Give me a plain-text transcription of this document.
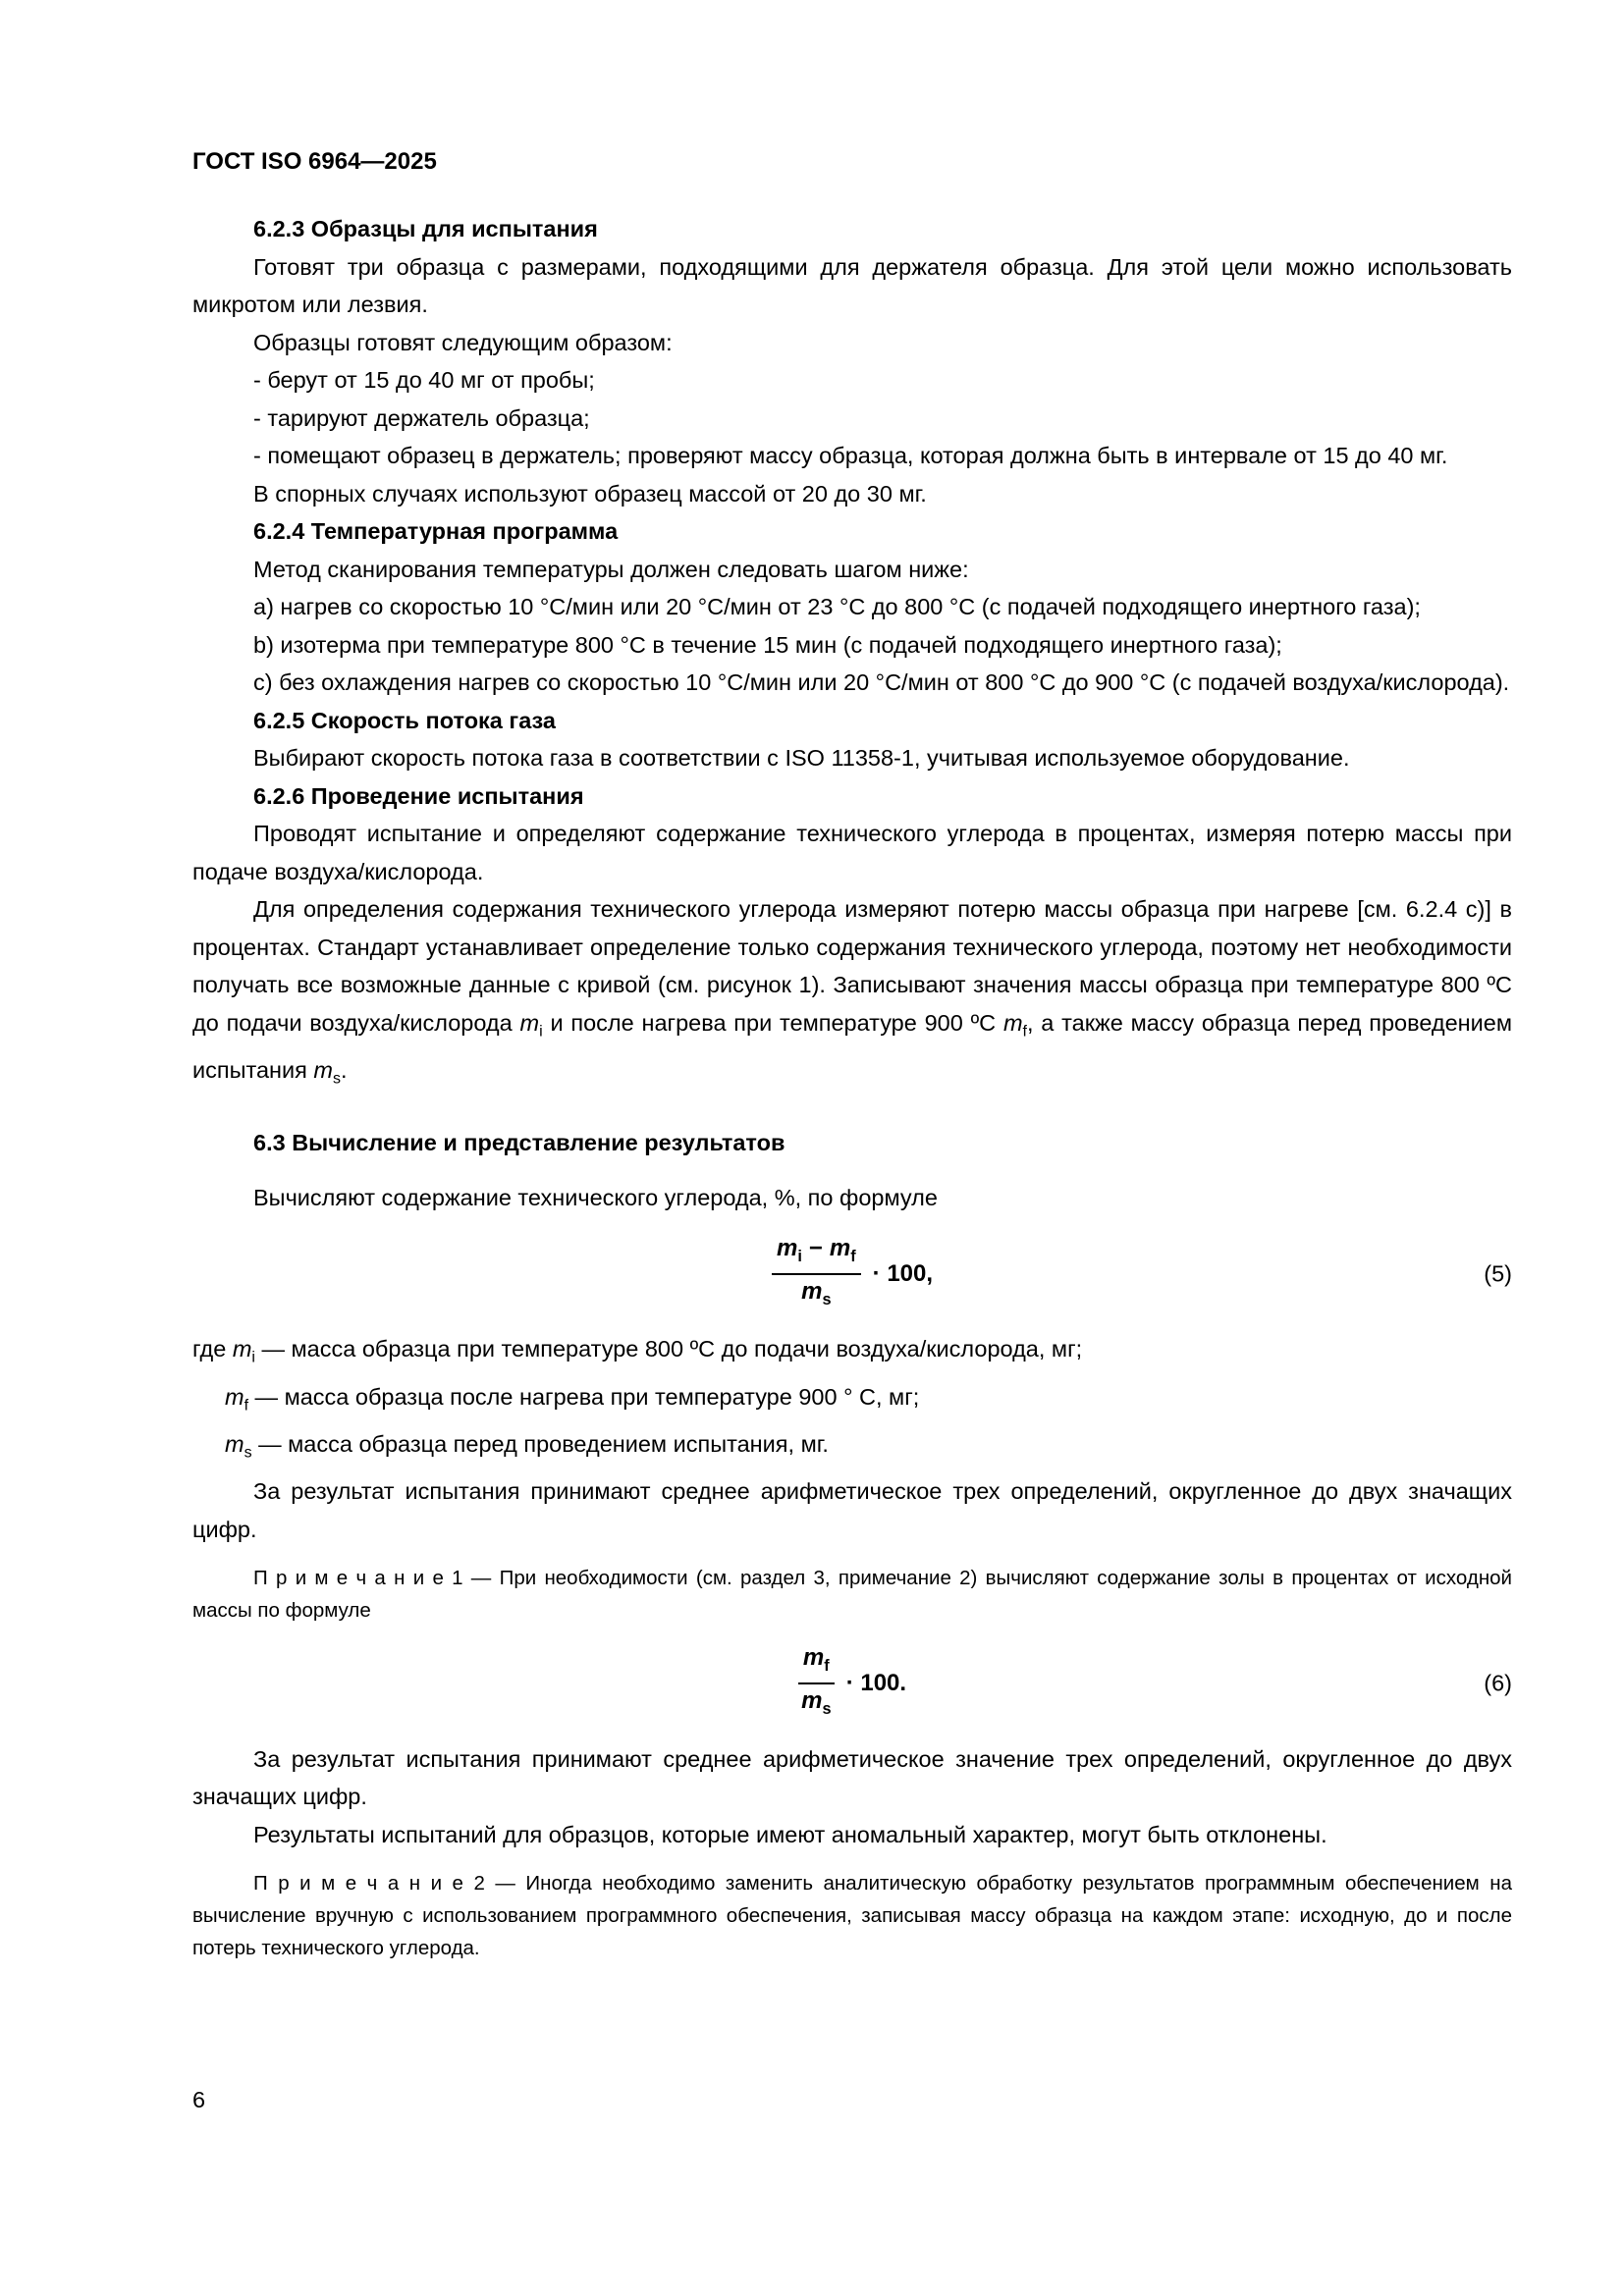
ГОСТ ISO 6964—2025

6.2.3 Образцы для испытания

Готовят три образца с размерами, подходящими для держателя образца. Для этой цели можно использовать микротом или лезвия.

Образцы готовят следующим образом:

- берут от 15 до 40 мг от пробы;

- тарируют держатель образца;

- помещают образец в держатель; проверяют массу образца, которая должна быть в интервале от 15 до 40 мг.

В спорных случаях используют образец массой от 20 до 30 мг.

6.2.4 Температурная программа

Метод сканирования температуры должен следовать шагом ниже:

a) нагрев со скоростью 10 °С/мин или 20 °С/мин от 23 °С до 800 °С (с подачей подходящего инертного газа);

b) изотерма при температуре 800 °С в течение 15 мин (с подачей подходящего инертного газа);

c) без охлаждения нагрев со скоростью 10 °С/мин или 20 °С/мин от 800 °С до 900 °С (с подачей воздуха/кислорода).

6.2.5 Скорость потока газа

Выбирают скорость потока газа в соответствии с ISO 11358-1, учитывая используемое оборудование.

6.2.6 Проведение испытания

Проводят испытание и определяют содержание технического углерода в процентах, измеряя потерю массы при подаче воздуха/кислорода.

Для определения содержания технического углерода измеряют потерю массы образца при нагреве [см. 6.2.4 c)] в процентах. Стандарт устанавливает определение только содержания технического углерода, поэтому нет необходимости получать все возможные данные с кривой (см. рисунок 1). Записывают значения массы образца при температуре 800 ºС до подачи воздуха/кислорода $m_i$ и после нагрева при температуре 900 ºС $m_f$, а также массу образца перед проведением испытания $m_s$.

6.3 Вычисление и представление результатов

Вычисляют содержание технического углерода, %, по формуле

$\frac{m_i - m_f}{m_s} \cdot 100$,	(5)

где $m_i$ — масса образца при температуре 800 ºС до подачи воздуха/кислорода, мг;

$m_f$ — масса образца после нагрева при температуре 900 ° С, мг;

$m_s$ — масса образца перед проведением испытания, мг.

За результат испытания принимают среднее арифметическое трех определений, округленное до двух значащих цифр.

П р и м е ч а н и е 1 — При необходимости (см. раздел 3, примечание 2) вычисляют содержание золы в процентах от исходной массы по формуле

$\frac{m_f}{m_s} \cdot 100$.	(6)

За результат испытания принимают среднее арифметическое значение трех определений, округленное до двух значащих цифр.

Результаты испытаний для образцов, которые имеют аномальный характер, могут быть отклонены.

П р и м е ч а н и е 2 — Иногда необходимо заменить аналитическую обработку результатов программным обеспечением на вычисление вручную с использованием программного обеспечения, записывая массу образца на каждом этапе: исходную, до и после потерь технического углерода.

6
